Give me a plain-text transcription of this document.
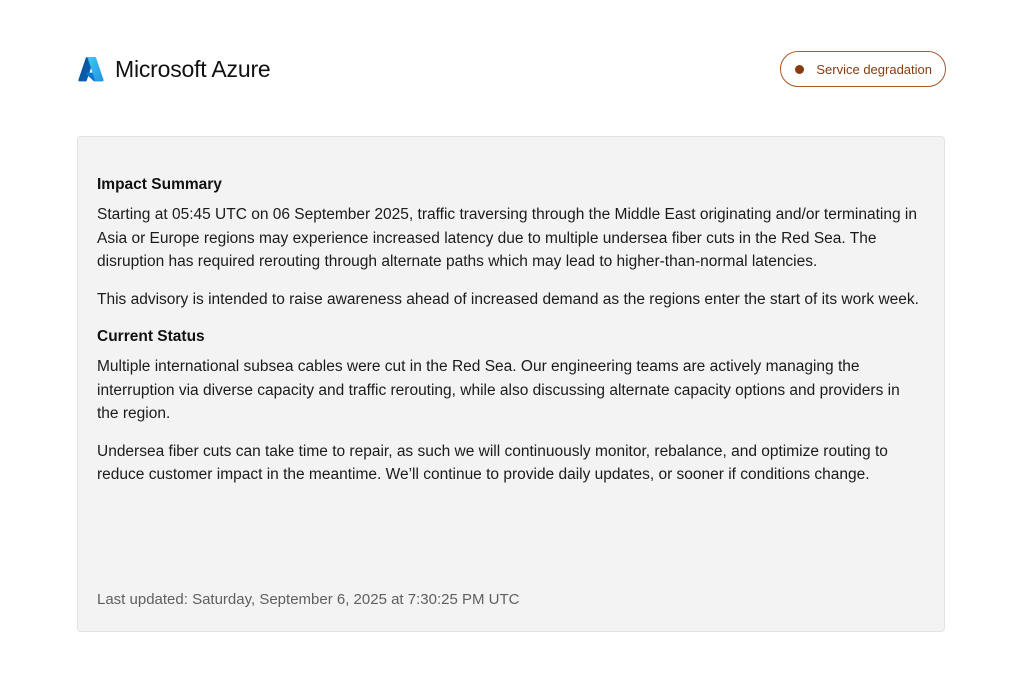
Microsoft Azure	Service degradation
Impact Summary

Starting at 05:45 UTC on 06 September 2025, traffic traversing through the Middle East originating and/or terminating in Asia or Europe regions may experience increased latency due to multiple undersea fiber cuts in the Red Sea. The disruption has required rerouting through alternate paths which may lead to higher-than-normal latencies.

This advisory is intended to raise awareness ahead of increased demand as the regions enter the start of its work week.

Current Status

Multiple international subsea cables were cut in the Red Sea. Our engineering teams are actively managing the interruption via diverse capacity and traffic rerouting, while also discussing alternate capacity options and providers in the region.

Undersea fiber cuts can take time to repair, as such we will continuously monitor, rebalance, and optimize routing to reduce customer impact in the meantime. We’ll continue to provide daily updates, or sooner if conditions change.

Last updated: Saturday, September 6, 2025 at 7:30:25 PM UTC
